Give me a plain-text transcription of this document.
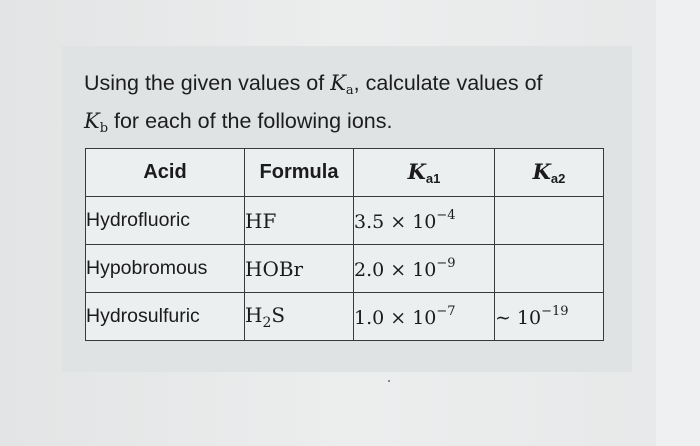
Using the given values of $K_a$, calculate values of
$K_b$ for each of the following ions.
Acid	Formula	$K_{a1}$	$K_{a2}$
Hydrofluoric	HF	$3.5 \times 10^{-4}$	
Hypobromous	HOBr	$2.0 \times 10^{-9}$	
Hydrosulfuric	$H_2S$	$1.0 \times 10^{-7}$	∼ $10^{-19}$
